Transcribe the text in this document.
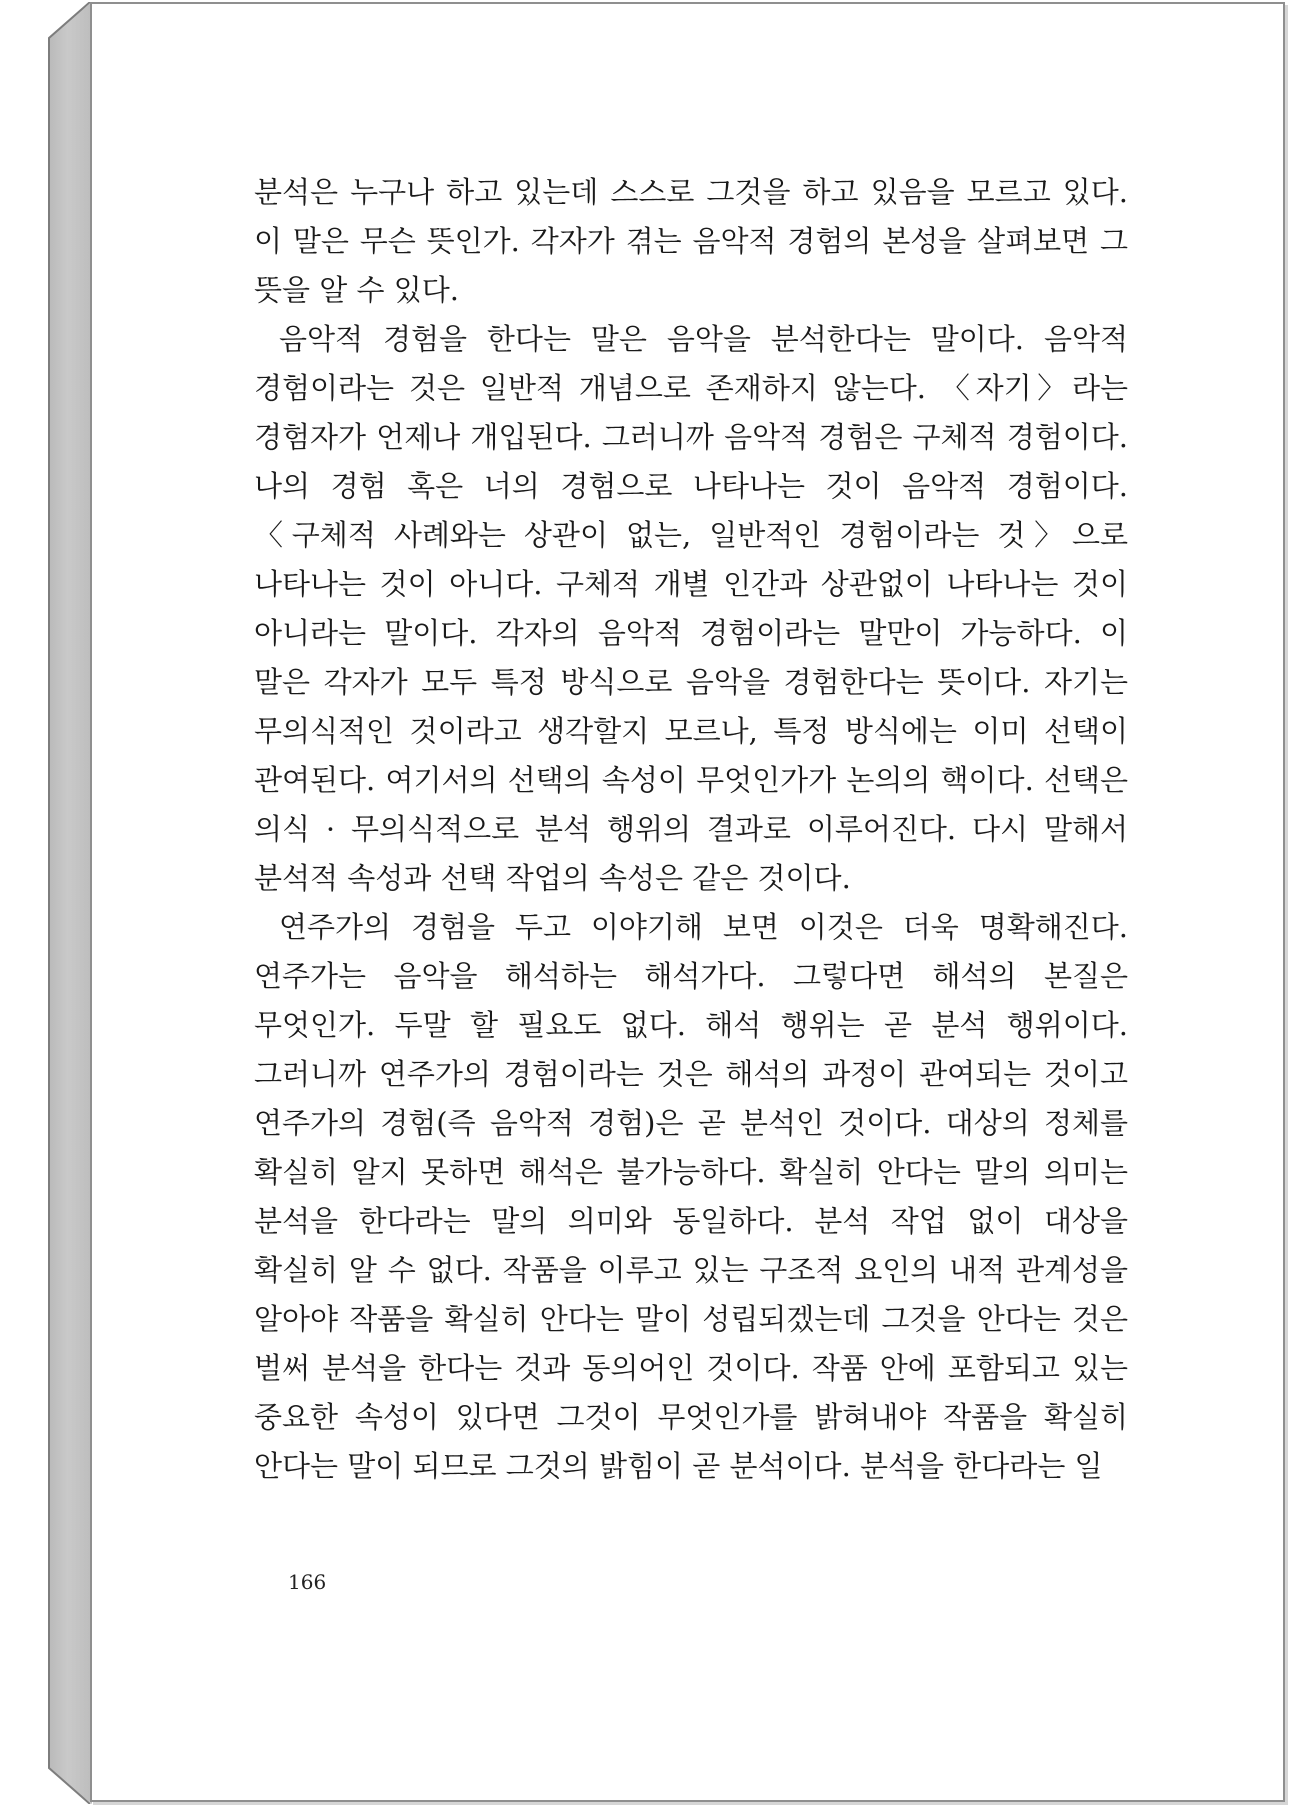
분석은 누구나 하고 있는데 스스로 그것을 하고 있음을 모르고 있다. 이 말은 무슨 뜻인가. 각자가 겪는 음악적 경험의 본성을 살펴보면 그 뜻을 알 수 있다.

음악적 경험을 한다는 말은 음악을 분석한다는 말이다. 음악적 경험이라는 것은 일반적 개념으로 존재하지 않는다. 〈자기〉라는 경험자가 언제나 개입된다. 그러니까 음악적 경험은 구체적 경험이다. 나의 경험 혹은 너의 경험으로 나타나는 것이 음악적 경험이다. 〈구체적 사례와는 상관이 없는, 일반적인 경험이라는 것〉으로 나타나는 것이 아니다. 구체적 개별 인간과 상관없이 나타나는 것이 아니라는 말이다. 각자의 음악적 경험이라는 말만이 가능하다. 이 말은 각자가 모두 특정 방식으로 음악을 경험한다는 뜻이다. 자기는 무의식적인 것이라고 생각할지 모르나, 특정 방식에는 이미 선택이 관여된다. 여기서의 선택의 속성이 무엇인가가 논의의 핵이다. 선택은 의식 · 무의식적으로 분석 행위의 결과로 이루어진다. 다시 말해서 분석적 속성과 선택 작업의 속성은 같은 것이다.

연주가의 경험을 두고 이야기해 보면 이것은 더욱 명확해진다. 연주가는 음악을 해석하는 해석가다. 그렇다면 해석의 본질은 무엇인가. 두말 할 필요도 없다. 해석 행위는 곧 분석 행위이다. 그러니까 연주가의 경험이라는 것은 해석의 과정이 관여되는 것이고 연주가의 경험(즉 음악적 경험)은 곧 분석인 것이다. 대상의 정체를 확실히 알지 못하면 해석은 불가능하다. 확실히 안다는 말의 의미는 분석을 한다라는 말의 의미와 동일하다. 분석 작업 없이 대상을 확실히 알 수 없다. 작품을 이루고 있는 구조적 요인의 내적 관계성을 알아야 작품을 확실히 안다는 말이 성립되겠는데 그것을 안다는 것은 벌써 분석을 한다는 것과 동의어인 것이다. 작품 안에 포함되고 있는 중요한 속성이 있다면 그것이 무엇인가를 밝혀내야 작품을 확실히 안다는 말이 되므로 그것의 밝힘이 곧 분석이다. 분석을 한다라는 일

166
